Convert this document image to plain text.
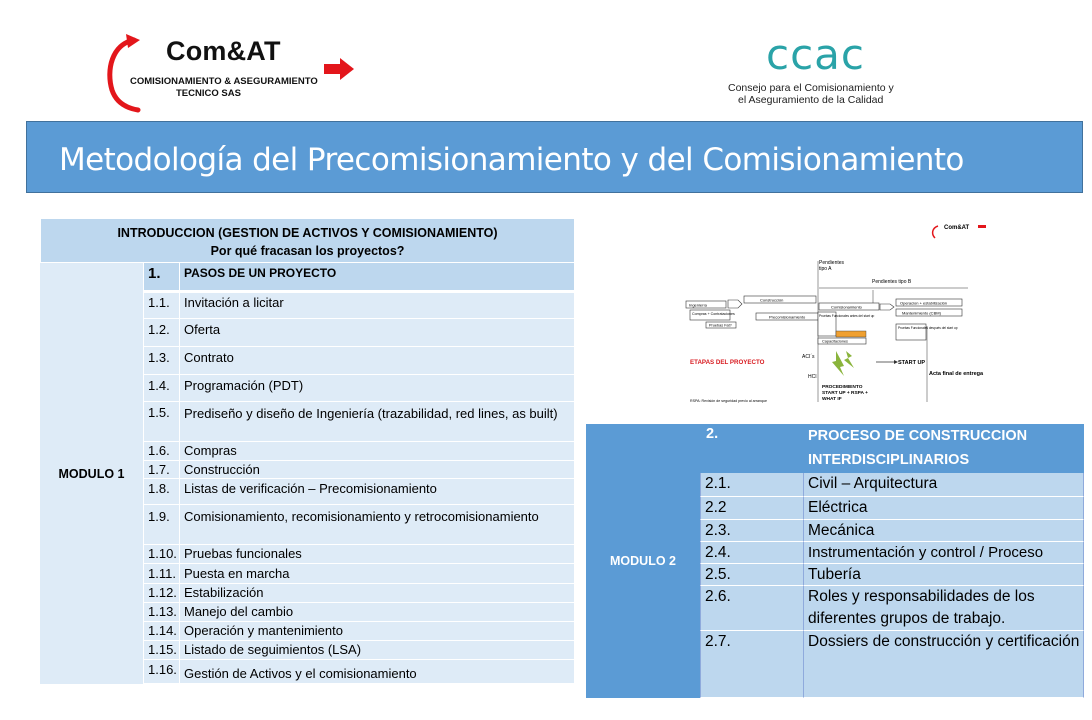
Com&AT
COMISIONAMIENTO & ASEGURAMIENTO
TECNICO SAS
ccac
Consejo para el Comisionamiento y
el Aseguramiento de la Calidad
Metodología del Precomisionamiento y del Comisionamiento
INTRODUCCION (GESTION DE ACTIVOS Y COMISIONAMIENTO)
Por qué fracasan los proyectos?
MODULO 1
1.	PASOS DE UN PROYECTO
1.1.	Invitación a licitar
1.2.	Oferta
1.3.	Contrato
1.4.	Programación (PDT)
1.5.	Prediseño y diseño de Ingeniería (trazabilidad, red lines, as built)
1.6.	Compras
1.7.	Construcción
1.8.	Listas de verificación – Precomisionamiento
1.9.	Comisionamiento, recomisionamiento y retrocomisionamiento
1.10. Pruebas funcionales
1.11. Puesta en marcha
1.12. Estabilización
1.13. Manejo del cambio
1.14. Operación y mantenimiento
1.15. Listado de seguimientos (LSA)
1.16. Gestión de Activos y el comisionamiento
Com&AT
Pendientes
tipo A
Pendientes tipo B
Ingeniería
Construcción
Comisionamiento
Operacion + estabilización
Mantenimiento (CBM)
Compras + Contrataciones
Pruebas Fat?
Precomisionamiento	Pruebas Funcionales antes del start up
Pruebas Funcionales después del start up
Capacitaciones
ETAPAS DEL PROYECTO
ACI´s
HCI
START UP
Acta final de entrega
PROCEDIMIENTO
START UP + RSPA +
WHAT IF
RSPA: Revisión de seguridad previo al arranque
MODULO 2
2.	PROCESO DE CONSTRUCCION INTERDISCIPLINARIOS
2.1.	Civil – Arquitectura
2.2	Eléctrica
2.3.	Mecánica
2.4.	Instrumentación y control / Proceso
2.5.	Tubería
2.6.	Roles y responsabilidades de los diferentes grupos de trabajo.
2.7.	Dossiers de construcción y certificación
